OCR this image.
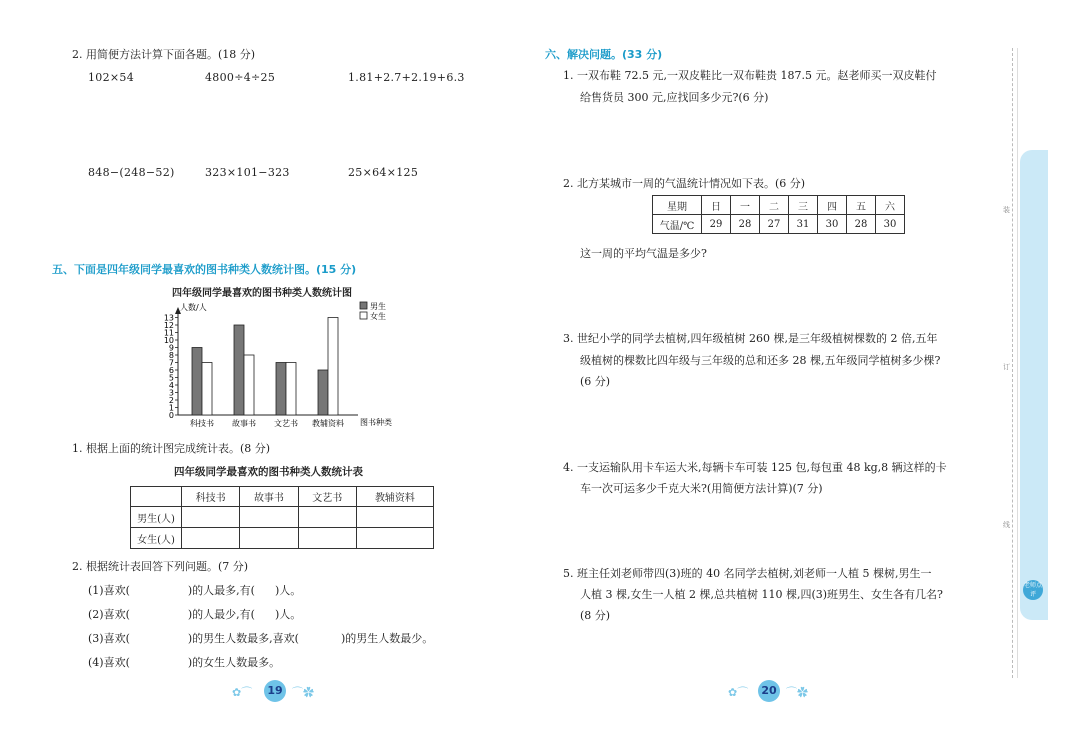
2. 用简便方法计算下面各题。(18 分)
102×54	4800÷4÷25	1.81+2.7+2.19+6.3
848−(248−52)	323×101−323	25×64×125
五、下面是四年级同学最喜欢的图书种类人数统计图。(15 分)
四年级同学最喜欢的图书种类人数统计图
人数/人
0
1
2
3
4
5
6
7
8
9
10
11
12
13
科技书 故事书 文艺书 教辅资料 图书种类
男生
女生
1. 根据上面的统计图完成统计表。(8 分)
四年级同学最喜欢的图书种类人数统计表
	科技书	故事书	文艺书	教辅资料
男生(人)				
女生(人)				
2. 根据统计表回答下列问题。(7 分)
(1)喜欢(	)的人最多,有( )人。
(2)喜欢(	)的人最少,有( )人。
(3)喜欢(	)的男生人数最多,喜欢(	)的男生人数最少。
(4)喜欢(	)的女生人数最多。
✿⌒	19 ⌒✿
六、解决问题。(33 分)
1. 一双布鞋 72.5 元,一双皮鞋比一双布鞋贵 187.5 元。赵老师买一双皮鞋付
给售货员 300 元,应找回多少元?(6 分)
2. 北方某城市一周的气温统计情况如下表。(6 分)
星期	日	一	二	三	四	五	六
气温/℃	29	28	27	31	30	28	30
这一周的平均气温是多少?
3. 世纪小学的同学去植树,四年级植树 260 棵,是三年级植树棵数的 2 倍,五年
级植树的棵数比四年级与三年级的总和还多 28 棵,五年级同学植树多少棵?
(6 分)
4. 一支运输队用卡车运大米,每辆卡车可装 125 包,每包重 48 kg,8 辆这样的卡
车一次可运多少千克大米?(用简便方法计算)(7 分)
5. 班主任刘老师带四(3)班的 40 名同学去植树,刘老师一人植 5 棵树,男生一
人植 3 棵,女生一人植 2 棵,总共植树 110 棵,四(3)班男生、女生各有几名?
(8 分)
✿⌒	20 ⌒✿
装
订
线
老师点评
